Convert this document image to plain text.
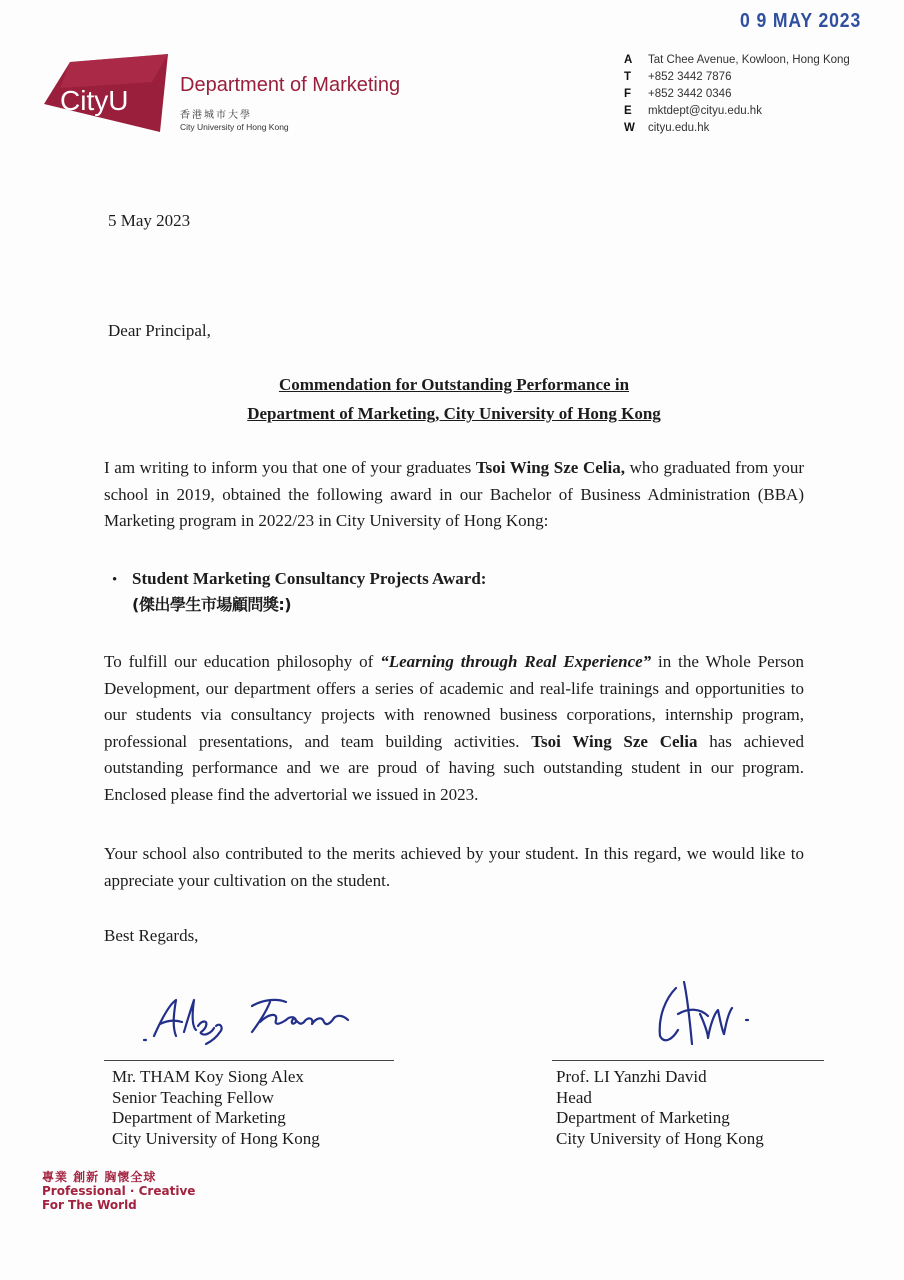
0 9 MAY 2023
CityU	Department of Marketing
香港城市大學
City University of Hong Kong
A Tat Chee Avenue, Kowloon, Hong Kong
T +852 3442 7876
F +852 3442 0346
E mktdept@cityu.edu.hk
W cityu.edu.hk
5 May 2023
Dear Principal,
Commendation for Outstanding Performance in
Department of Marketing, City University of Hong Kong

I am writing to inform you that one of your graduates Tsoi Wing Sze Celia, who graduated from your school in 2019, obtained the following award in our Bachelor of Business Administration (BBA) Marketing program in 2022/23 in City University of Hong Kong:

• Student Marketing Consultancy Projects Award:
(傑出學生市場顧問獎:)

To fulfill our education philosophy of “Learning through Real Experience” in the Whole Person Development, our department offers a series of academic and real-life trainings and opportunities to our students via consultancy projects with renowned business corporations, internship program, professional presentations, and team building activities. Tsoi Wing Sze Celia has achieved outstanding performance and we are proud of having such outstanding student in our program. Enclosed please find the advertorial we issued in 2023.

Your school also contributed to the merits achieved by your student. In this regard, we would like to appreciate your cultivation on the student.

Best Regards,
Mr. THAM Koy Siong Alex
Senior Teaching Fellow
Department of Marketing
City University of Hong Kong
Prof. LI Yanzhi David
Head
Department of Marketing
City University of Hong Kong
專業 創新 胸懷全球
Professional · Creative
For The World
